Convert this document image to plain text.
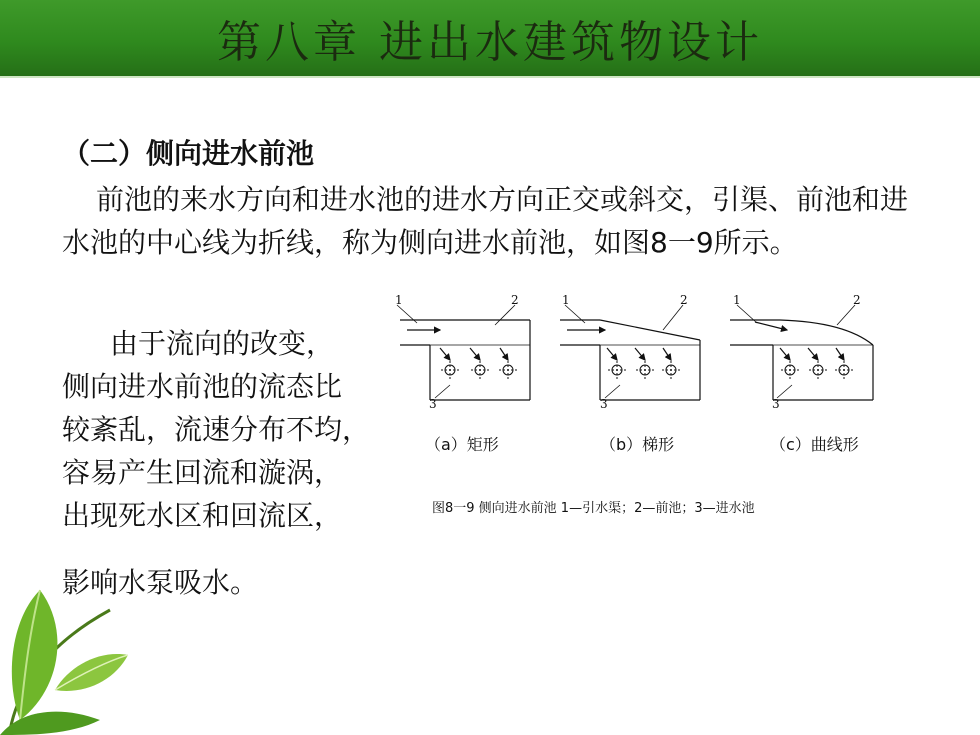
第八章 进出水建筑物设计
（二）侧向进水前池
前池的来水方向和进水池的进水方向正交或斜交，引渠、前池和进水池的中心线为折线，称为侧向进水前池，如图8一9所示。
由于流向的改变，
侧向进水前池的流态比
较紊乱，流速分布不均，
容易产生回流和漩涡，
出现死水区和回流区，
影响水泵吸水。
1	2
3
1	2
3
1	2
3
（a）矩形	（b）梯形	（c）曲线形
图8一9 侧向进水前池 1—引水渠；2—前池；3—进水池
